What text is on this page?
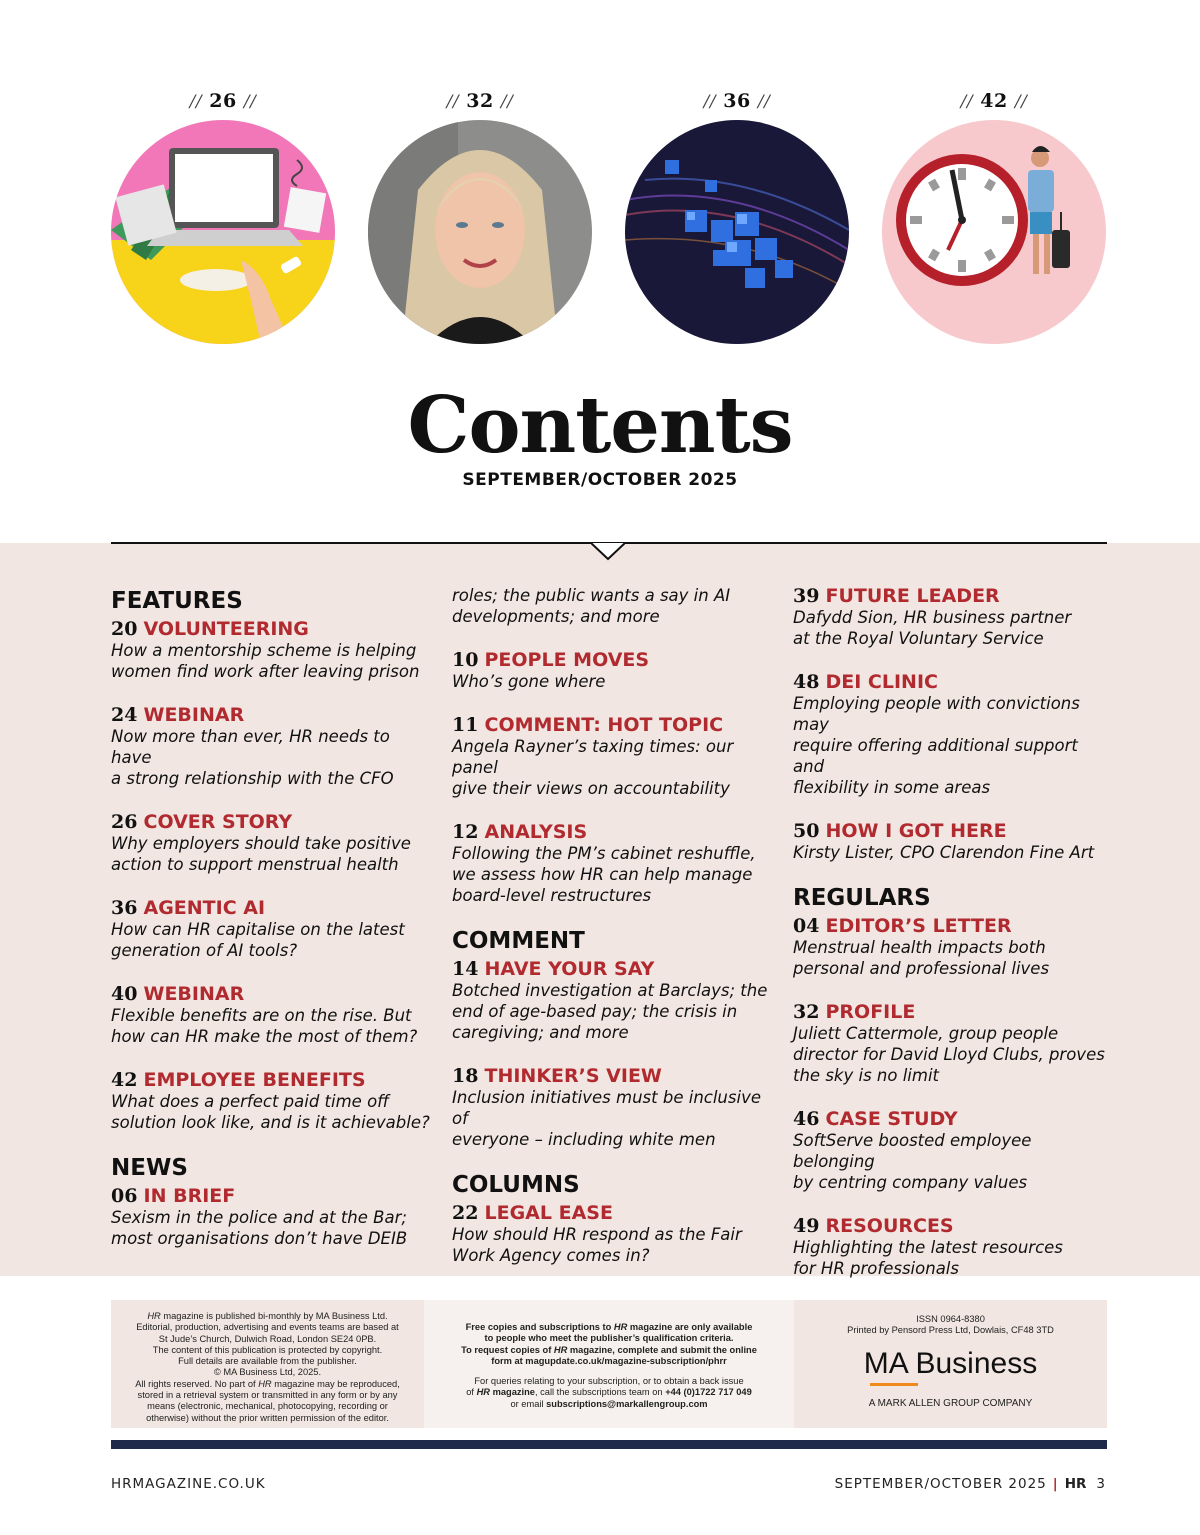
// 26 //	// 32 //	// 36 //	// 42 //
Contents
SEPTEMBER/OCTOBER 2025
FEATURES
20 VOLUNTEERING
How a mentorship scheme is helping
women find work after leaving prison
24 WEBINAR
Now more than ever, HR needs to have
a strong relationship with the CFO
26 COVER STORY
Why employers should take positive
action to support menstrual health
36 AGENTIC AI
How can HR capitalise on the latest
generation of AI tools?
40 WEBINAR
Flexible benefits are on the rise. But
how can HR make the most of them?
42 EMPLOYEE BENEFITS
What does a perfect paid time off
solution look like, and is it achievable?
NEWS
06 IN BRIEF
Sexism in the police and at the Bar;
most organisations don’t have DEIB
roles; the public wants a say in AI
developments; and more
10 PEOPLE MOVES
Who’s gone where
11 COMMENT: HOT TOPIC
Angela Rayner’s taxing times: our panel
give their views on accountability
12 ANALYSIS
Following the PM’s cabinet reshuffle,
we assess how HR can help manage
board-level restructures
COMMENT
14 HAVE YOUR SAY
Botched investigation at Barclays; the
end of age-based pay; the crisis in
caregiving; and more
18 THINKER’S VIEW
Inclusion initiatives must be inclusive of
everyone – including white men
COLUMNS
22 LEGAL EASE
How should HR respond as the Fair
Work Agency comes in?
39 FUTURE LEADER
Dafydd Sion, HR business partner
at the Royal Voluntary Service
48 DEI CLINIC
Employing people with convictions may
require offering additional support and
flexibility in some areas
50 HOW I GOT HERE
Kirsty Lister, CPO Clarendon Fine Art
REGULARS
04 EDITOR’S LETTER
Menstrual health impacts both
personal and professional lives
32 PROFILE
Juliett Cattermole, group people
director for David Lloyd Clubs, proves
the sky is no limit
46 CASE STUDY
SoftServe boosted employee belonging
by centring company values
49 RESOURCES
Highlighting the latest resources
for HR professionals
HR magazine is published bi-monthly by MA Business Ltd.
Editorial, production, advertising and events teams are based at
St Jude’s Church, Dulwich Road, London SE24 0PB.
The content of this publication is protected by copyright.
Full details are available from the publisher.
© MA Business Ltd, 2025.
All rights reserved. No part of HR magazine may be reproduced,
stored in a retrieval system or transmitted in any form or by any
means (electronic, mechanical, photocopying, recording or
otherwise) without the prior written permission of the editor.
Free copies and subscriptions to HR magazine are only available
to people who meet the publisher’s qualification criteria.
To request copies of HR magazine, complete and submit the online
form at magupdate.co.uk/magazine-subscription/phrr
For queries relating to your subscription, or to obtain a back issue
of HR magazine, call the subscriptions team on +44 (0)1722 717 049
or email subscriptions@markallengroup.com
ISSN 0964-8380
Printed by Pensord Press Ltd, Dowlais, CF48 3TD
MA Business
A MARK ALLEN GROUP COMPANY
HRMAGAZINE.CO.UK	SEPTEMBER/OCTOBER 2025 | HR 3
